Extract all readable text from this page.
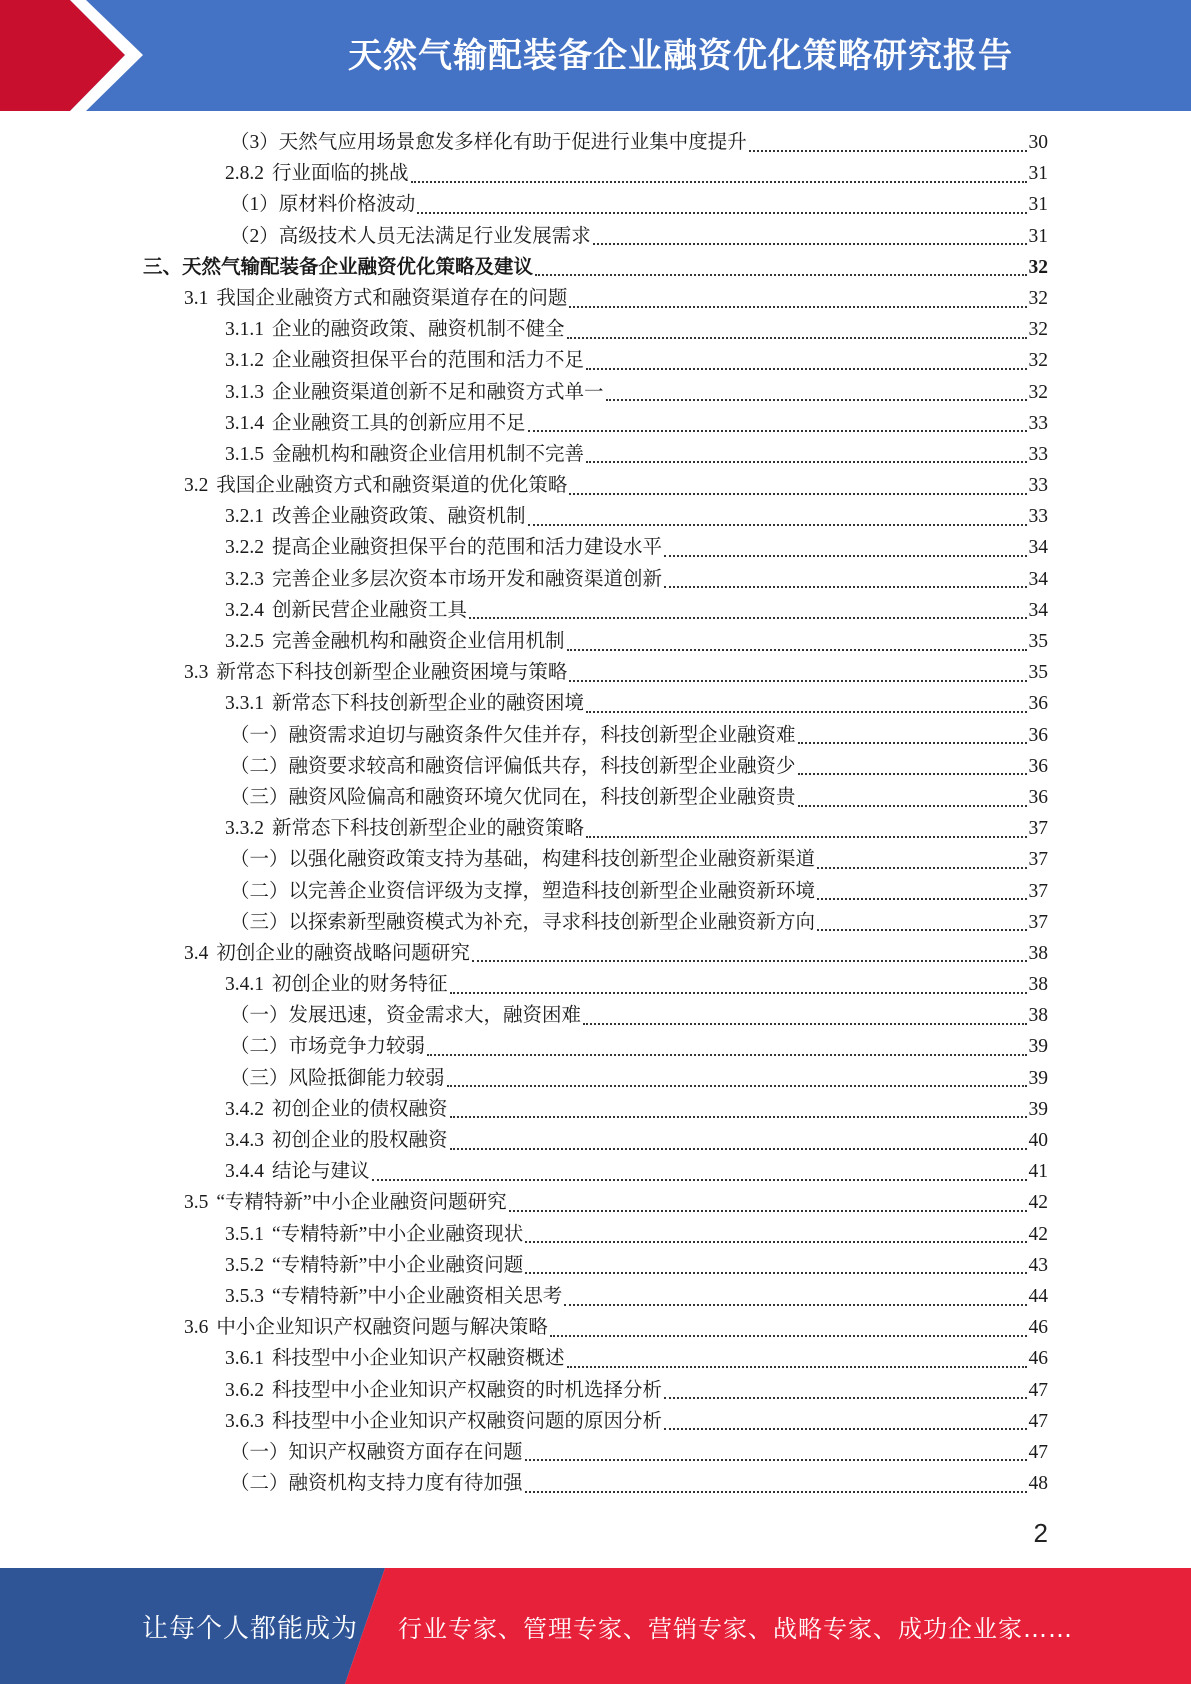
天然气输配装备企业融资优化策略研究报告
（3）天然气应用场景愈发多样化有助于促进行业集中度提升	30
2.8.2 行业面临的挑战	31
（1）原材料价格波动	31
（2）高级技术人员无法满足行业发展需求	31
三、天然气输配装备企业融资优化策略及建议	32
3.1 我国企业融资方式和融资渠道存在的问题	32
3.1.1 企业的融资政策、融资机制不健全	32
3.1.2 企业融资担保平台的范围和活力不足	32
3.1.3 企业融资渠道创新不足和融资方式单一	32
3.1.4 企业融资工具的创新应用不足	33
3.1.5 金融机构和融资企业信用机制不完善	33
3.2 我国企业融资方式和融资渠道的优化策略	33
3.2.1 改善企业融资政策、融资机制	33
3.2.2 提高企业融资担保平台的范围和活力建设水平	34
3.2.3 完善企业多层次资本市场开发和融资渠道创新	34
3.2.4 创新民营企业融资工具	34
3.2.5 完善金融机构和融资企业信用机制	35
3.3 新常态下科技创新型企业融资困境与策略	35
3.3.1 新常态下科技创新型企业的融资困境	36
（一）融资需求迫切与融资条件欠佳并存，科技创新型企业融资难	36
（二）融资要求较高和融资信评偏低共存，科技创新型企业融资少	36
（三）融资风险偏高和融资环境欠优同在，科技创新型企业融资贵	36
3.3.2 新常态下科技创新型企业的融资策略	37
（一）以强化融资政策支持为基础，构建科技创新型企业融资新渠道	37
（二）以完善企业资信评级为支撑，塑造科技创新型企业融资新环境	37
（三）以探索新型融资模式为补充，寻求科技创新型企业融资新方向	37
3.4 初创企业的融资战略问题研究	38
3.4.1 初创企业的财务特征	38
（一）发展迅速，资金需求大，融资困难	38
（二）市场竞争力较弱	39
（三）风险抵御能力较弱	39
3.4.2 初创企业的债权融资	39
3.4.3 初创企业的股权融资	40
3.4.4 结论与建议	41
3.5 “专精特新”中小企业融资问题研究	42
3.5.1 “专精特新”中小企业融资现状	42
3.5.2 “专精特新”中小企业融资问题	43
3.5.3 “专精特新”中小企业融资相关思考	44
3.6 中小企业知识产权融资问题与解决策略	46
3.6.1 科技型中小企业知识产权融资概述	46
3.6.2 科技型中小企业知识产权融资的时机选择分析	47
3.6.3 科技型中小企业知识产权融资问题的原因分析	47
（一）知识产权融资方面存在问题	47
（二）融资机构支持力度有待加强	48
2
让每个人都能成为 行业专家、管理专家、营销专家、战略专家、成功企业家……
